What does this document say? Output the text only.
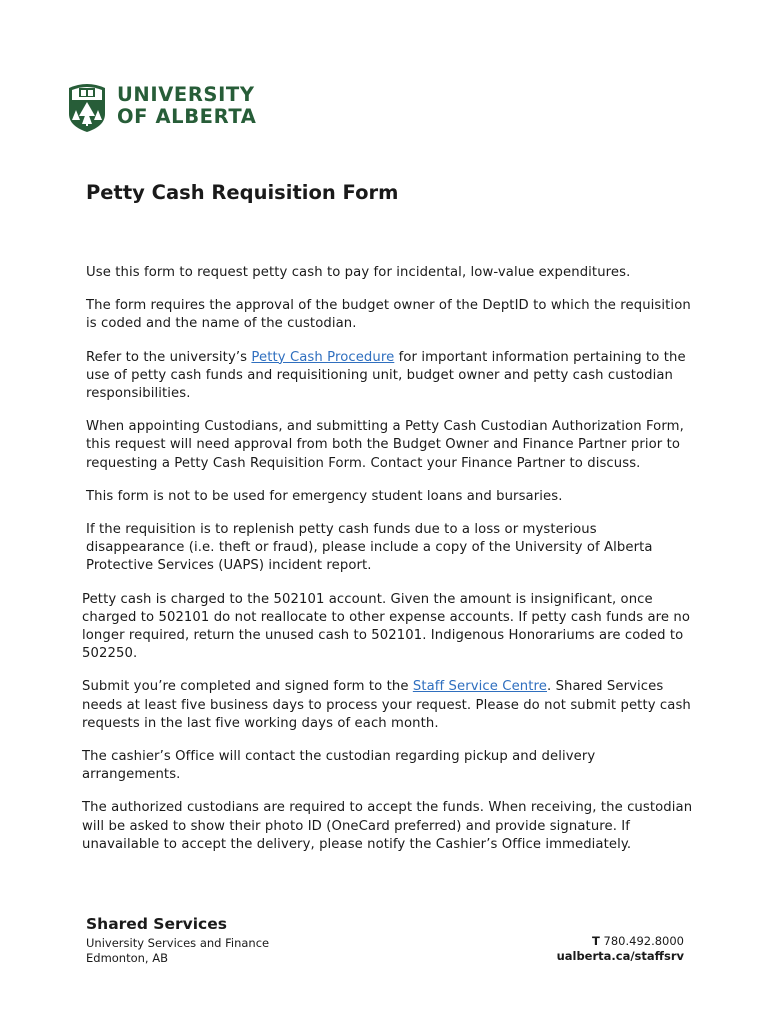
UNIVERSITY
OF ALBERTA
Petty Cash Requisition Form

Use this form to request petty cash to pay for incidental, low-value expenditures.

The form requires the approval of the budget owner of the DeptID to which the requisition is coded and the name of the custodian.

Refer to the university’s Petty Cash Procedure for important information pertaining to the use of petty cash funds and requisitioning unit, budget owner and petty cash custodian responsibilities.

When appointing Custodians, and submitting a Petty Cash Custodian Authorization Form, this request will need approval from both the Budget Owner and Finance Partner prior to requesting a Petty Cash Requisition Form. Contact your Finance Partner to discuss.

This form is not to be used for emergency student loans and bursaries.

If the requisition is to replenish petty cash funds due to a loss or mysterious disappearance (i.e. theft or fraud), please include a copy of the University of Alberta Protective Services (UAPS) incident report.

Petty cash is charged to the 502101 account. Given the amount is insignificant, once charged to 502101 do not reallocate to other expense accounts. If petty cash funds are no longer required, return the unused cash to 502101. Indigenous Honorariums are coded to 502250.

Submit you’re completed and signed form to the Staff Service Centre. Shared Services needs at least five business days to process your request. Please do not submit petty cash requests in the last five working days of each month.

The cashier’s Office will contact the custodian regarding pickup and delivery arrangements.

The authorized custodians are required to accept the funds. When receiving, the custodian will be asked to show their photo ID (OneCard preferred) and provide signature. If unavailable to accept the delivery, please notify the Cashier’s Office immediately.

Shared Services
University Services and Finance
Edmonton, AB
T 780.492.8000
ualberta.ca/staffsrv
